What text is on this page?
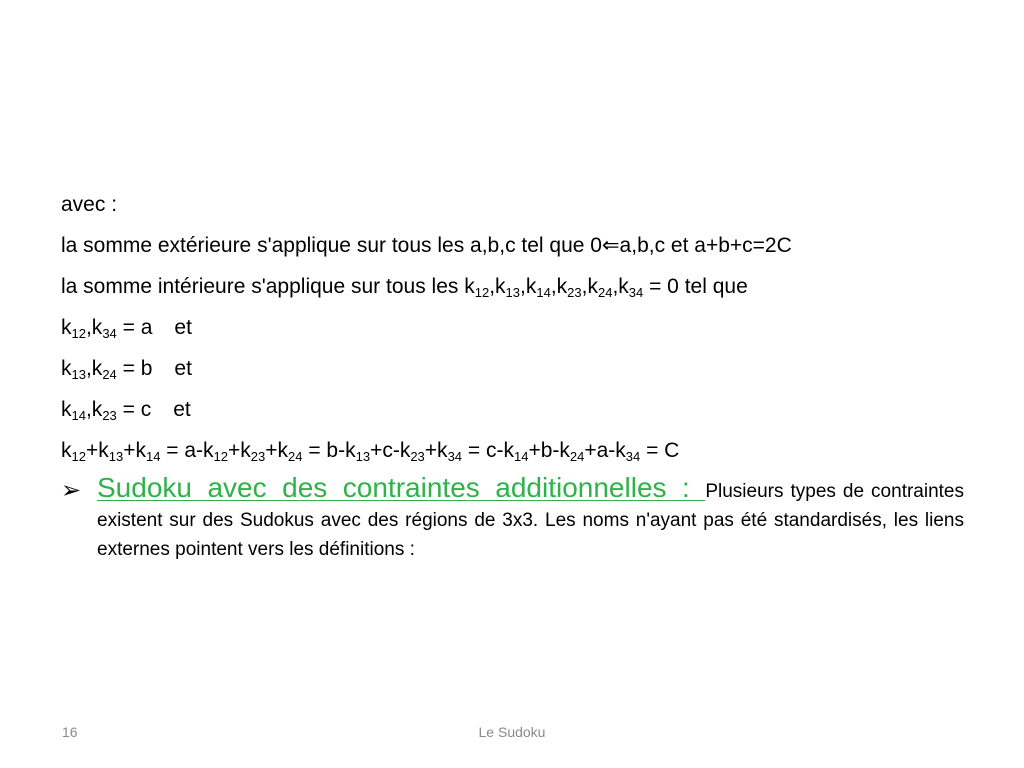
avec :
la somme extérieure s'applique sur tous les a,b,c tel que 0⇐a,b,c et a+b+c=2C
la somme intérieure s'applique sur tous les $k_{12},k_{13},k_{14},k_{23},k_{24},k_{34} = 0$ tel que
$k_{12},k_{34} = a$ et
$k_{13},k_{24} = b$ et
$k_{14},k_{23} = c$ et
$k_{12}+k_{13}+k_{14} = a-k_{12}+k_{23}+k_{24} = b-k_{13}+c-k_{23}+k_{34} = c-k_{14}+b-k_{24}+a-k_{34} = C$
➢ Sudoku avec des contraintes additionnelles : Plusieurs types de contraintes existent sur des Sudokus avec des régions de 3x3. Les noms n'ayant pas été standardisés, les liens externes pointent vers les définitions :
16	Le Sudoku
